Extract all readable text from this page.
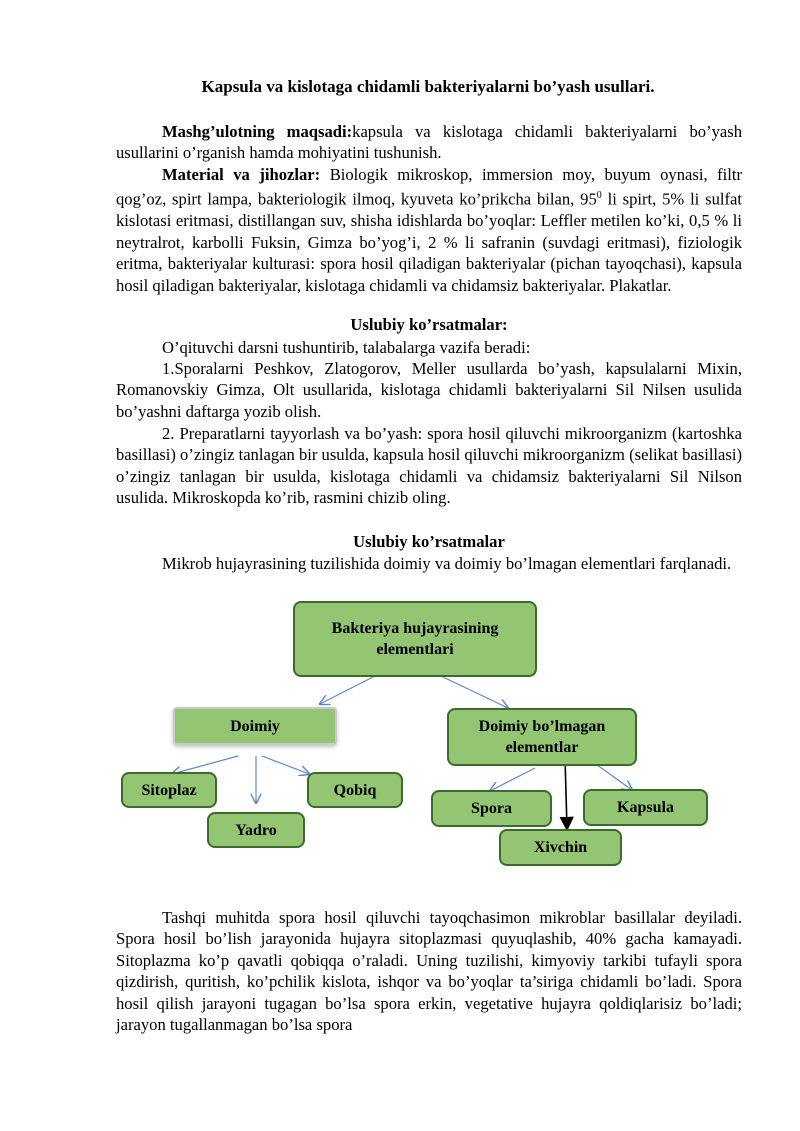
Kapsula va kislotaga chidamli bakteriyalarni bo’yash usullari.

Mashg’ulotning maqsadi:kapsula va kislotaga chidamli bakteriyalarni bo’yash usullarini o’rganish hamda mohiyatini tushunish.

Material va jihozlar: Biologik mikroskop, immersion moy, buyum oynasi, filtr qog’oz, spirt lampa, bakteriologik ilmoq, kyuveta ko’prikcha bilan, $95^0$ li spirt, 5% li sulfat kislotasi eritmasi, distillangan suv, shisha idishlarda bo’yoqlar: Leffler metilen ko’ki, 0,5 % li neytralrot, karbolli Fuksin, Gimza bo’yog’i, 2 % li safranin (suvdagi eritmasi), fiziologik eritma, bakteriyalar kulturasi: spora hosil qiladigan bakteriyalar (pichan tayoqchasi), kapsula hosil qiladigan bakteriyalar, kislotaga chidamli va chidamsiz bakteriyalar. Plakatlar.

Uslubiy ko’rsatmalar:

O’qituvchi darsni tushuntirib, talabalarga vazifa beradi:

1.Sporalarni Peshkov, Zlatogorov, Meller usullarda bo’yash, kapsulalarni Mixin, Romanovskiy Gimza, Olt usullarida, kislotaga chidamli bakteriyalarni Sil Nilsen usulida bo’yashni daftarga yozib olish.

2. Preparatlarni tayyorlash va bo’yash: spora hosil qiluvchi mikroorganizm (kartoshka basillasi) o’zingiz tanlagan bir usulda, kapsula hosil qiluvchi mikroorganizm (selikat basillasi) o’zingiz tanlagan bir usulda, kislotaga chidamli va chidamsiz bakteriyalarni Sil Nilson usulida. Mikroskopda ko’rib, rasmini chizib oling.

Uslubiy ko’rsatmalar

Mikrob hujayrasining tuzilishida doimiy va doimiy bo’lmagan elementlari farqlanadi.

Bakteriya hujayrasining elementlari
Doimiy	Doimiy bo’lmagan elementlar
Sitoplaz
Yadro
Qobiq
Spora
Xivchin
Kapsula

Tashqi muhitda spora hosil qiluvchi tayoqchasimon mikroblar basillalar deyiladi. Spora hosil bo’lish jarayonida hujayra sitoplazmasi quyuqlashib, 40% gacha kamayadi. Sitoplazma ko’p qavatli qobiqqa o’raladi. Uning tuzilishi, kimyoviy tarkibi tufayli spora qizdirish, quritish, ko’pchilik kislota, ishqor va bo’yoqlar ta’siriga chidamli bo’ladi. Spora hosil qilish jarayoni tugagan bo’lsa spora erkin, vegetative hujayra qoldiqlarisiz bo’ladi; jarayon tugallanmagan bo’lsa spora
